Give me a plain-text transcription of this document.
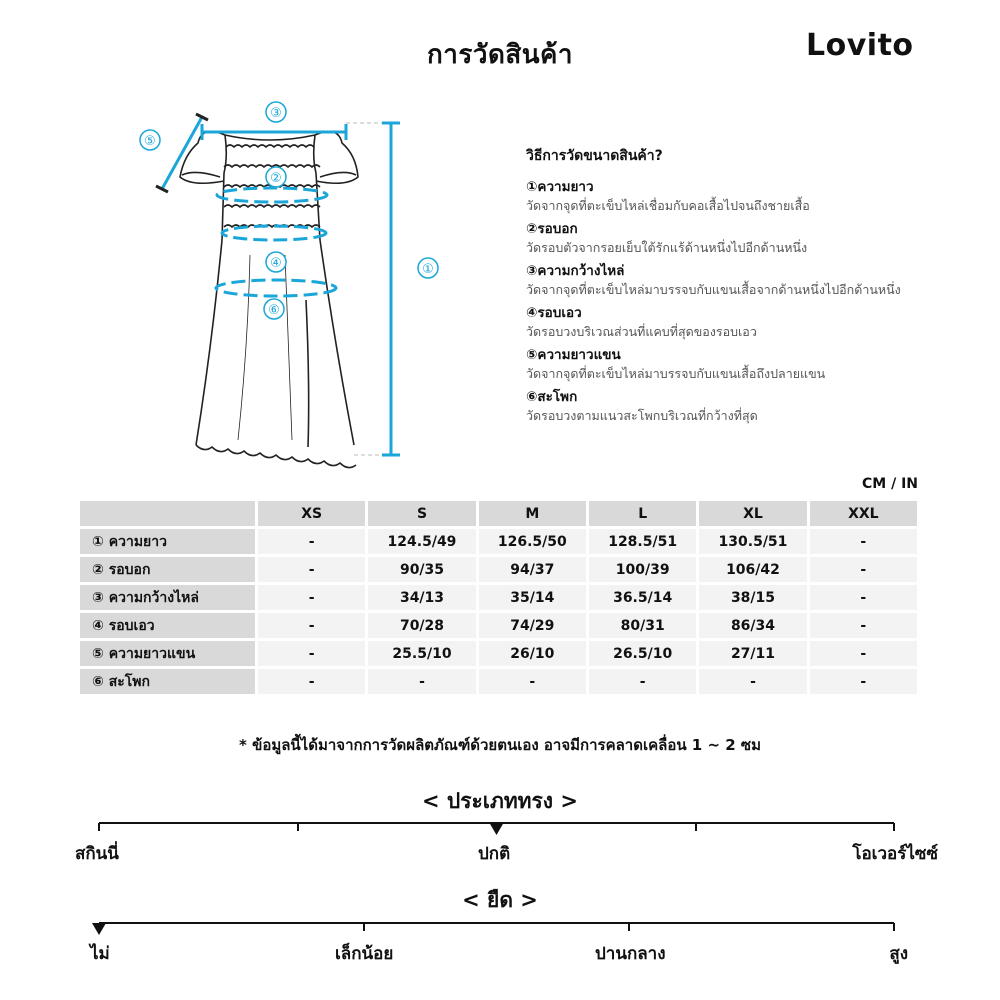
การวัดสินค้า	Lovito
③
②
④
⑥
⑤
①
วิธีการวัดขนาดสินค้า?
①ความยาว
วัดจากจุดที่ตะเข็บไหล่เชื่อมกับคอเสื้อไปจนถึงชายเสื้อ
②รอบอก
วัดรอบตัวจากรอยเย็บใต้รักแร้ด้านหนึ่งไปอีกด้านหนึ่ง
③ความกว้างไหล่
วัดจากจุดที่ตะเข็บไหล่มาบรรจบกับแขนเสื้อจากด้านหนึ่งไปอีกด้านหนึ่ง
④รอบเอว
วัดรอบวงบริเวณส่วนที่แคบที่สุดของรอบเอว
⑤ความยาวแขน
วัดจากจุดที่ตะเข็บไหล่มาบรรจบกับแขนเสื้อถึงปลายแขน
⑥สะโพก
วัดรอบวงตามแนวสะโพกบริเวณที่กว้างที่สุด
CM / IN
	XS	S	M	L	XL	XXL
① ความยาว	-	124.5/49	126.5/50	128.5/51	130.5/51	-
② รอบอก	-	90/35	94/37	100/39	106/42	-
③ ความกว้างไหล่	-	34/13	35/14	36.5/14	38/15	-
④ รอบเอว	-	70/28	74/29	80/31	86/34	-
⑤ ความยาวแขน	-	25.5/10	26/10	26.5/10	27/11	-
⑥ สะโพก	-	-	-	-	-	-
* ข้อมูลนี้ได้มาจากการวัดผลิตภัณฑ์ด้วยตนเอง อาจมีการคลาดเคลื่อน 1 ~ 2 ซม
< ประเภททรง >
สกินนี่	ปกติ	โอเวอร์ไซซ์
< ยืด >
ไม่	เล็กน้อย	ปานกลาง	สูง
